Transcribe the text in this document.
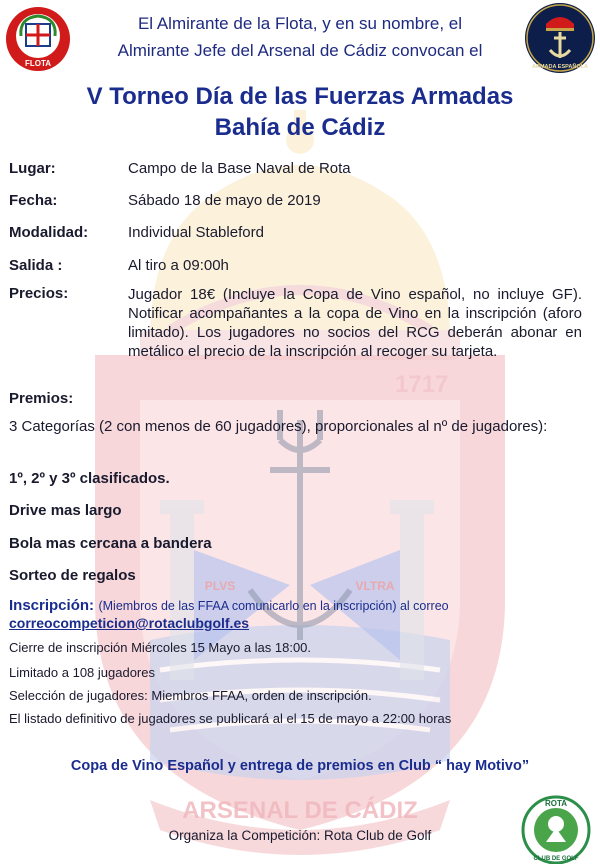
1717
ARSENAL DE CÁDIZ
PLVS	VLTRA
FLOTA	ARMADA ESPAÑOLA
El Almirante de la Flota, y en su nombre, el
Almirante Jefe del Arsenal de Cádiz convocan el
V Torneo Día de las Fuerzas Armadas
Bahía de Cádiz
Lugar:	Campo de la Base Naval de Rota
Fecha:	Sábado 18 de mayo de 2019
Modalidad:	Individual Stableford
Salida :	Al tiro a 09:00h
Precios:	Jugador 18€ (Incluye la Copa de Vino español, no incluye GF). Notificar acompañantes a la copa de Vino en la inscripción (aforo limitado). Los jugadores no socios del RCG deberán abonar en metálico el precio de la inscripción al recoger su tarjeta.
Premios:
3 Categorías (2 con menos de 60 jugadores), proporcionales al nº de jugadores):
1º, 2º y 3º clasificados.
Drive mas largo
Bola mas cercana a bandera
Sorteo de regalos
Inscripción: (Miembros de las FFAA comunicarlo en la inscripción) al correo
correocompeticion@rotaclubgolf.es
Cierre de inscripción Miércoles 15 Mayo a las 18:00.
Limitado a 108 jugadores
Selección de jugadores: Miembros FFAA, orden de inscripción.
El listado definitivo de jugadores se publicará al el 15 de mayo a 22:00 horas
Copa de Vino Español y entrega de premios en Club “ hay Motivo”
Organiza la Competición: Rota Club de Golf
ROTA
CLUB DE GOLF
